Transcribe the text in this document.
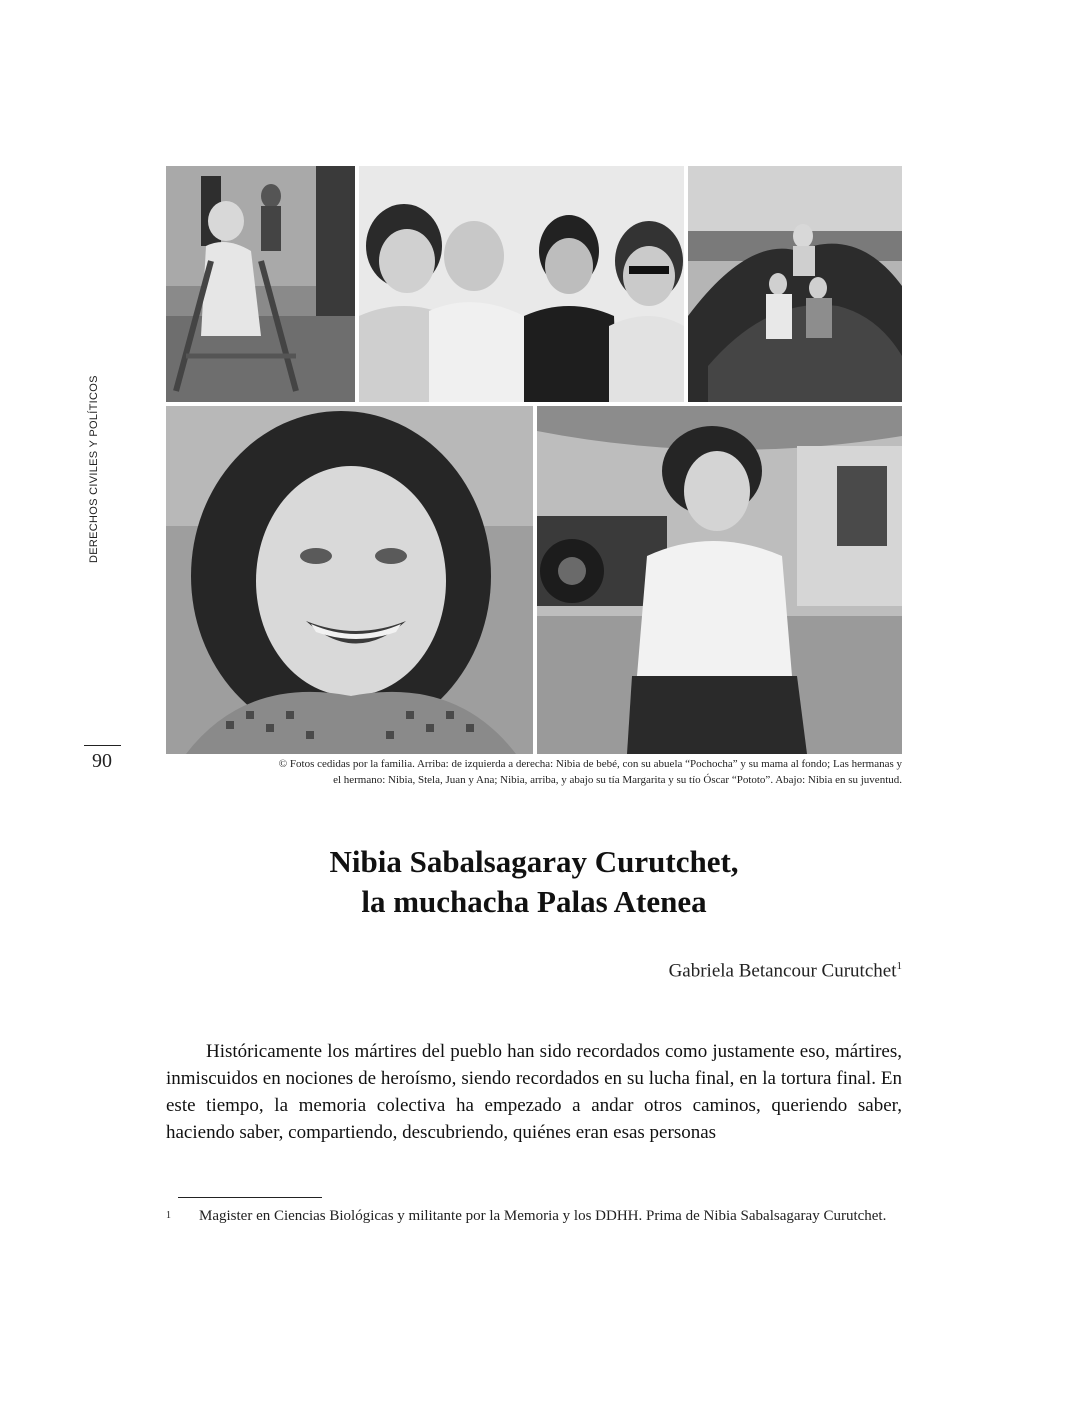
DERECHOS CIVILES Y POLÍTICOS
90	© Fotos cedidas por la familia. Arriba: de izquierda a derecha: Nibia de bebé, con su abuela “Pochocha” y su mama al fondo; Las hermanas y
el hermano: Nibia, Stela, Juan y Ana; Nibia, arriba, y abajo su tía Margarita y su tío Óscar “Pototo”. Abajo: Nibia en su juventud.
Nibia Sabalsagaray Curutchet,
la muchacha Palas Atenea
Gabriela Betancour Curutchet$^1$

Históricamente los mártires del pueblo han sido recordados como justamente eso, mártires, inmiscuidos en nociones de heroísmo, siendo recordados en su lucha final, en la tortura final. En este tiempo, la memoria colectiva ha empezado a andar otros caminos, queriendo saber, haciendo saber, compartiendo, descubriendo, quiénes eran esas personas

$^1$ Magister en Ciencias Biológicas y militante por la Memoria y los DDHH. Prima de Nibia Sabalsagaray Curutchet.
